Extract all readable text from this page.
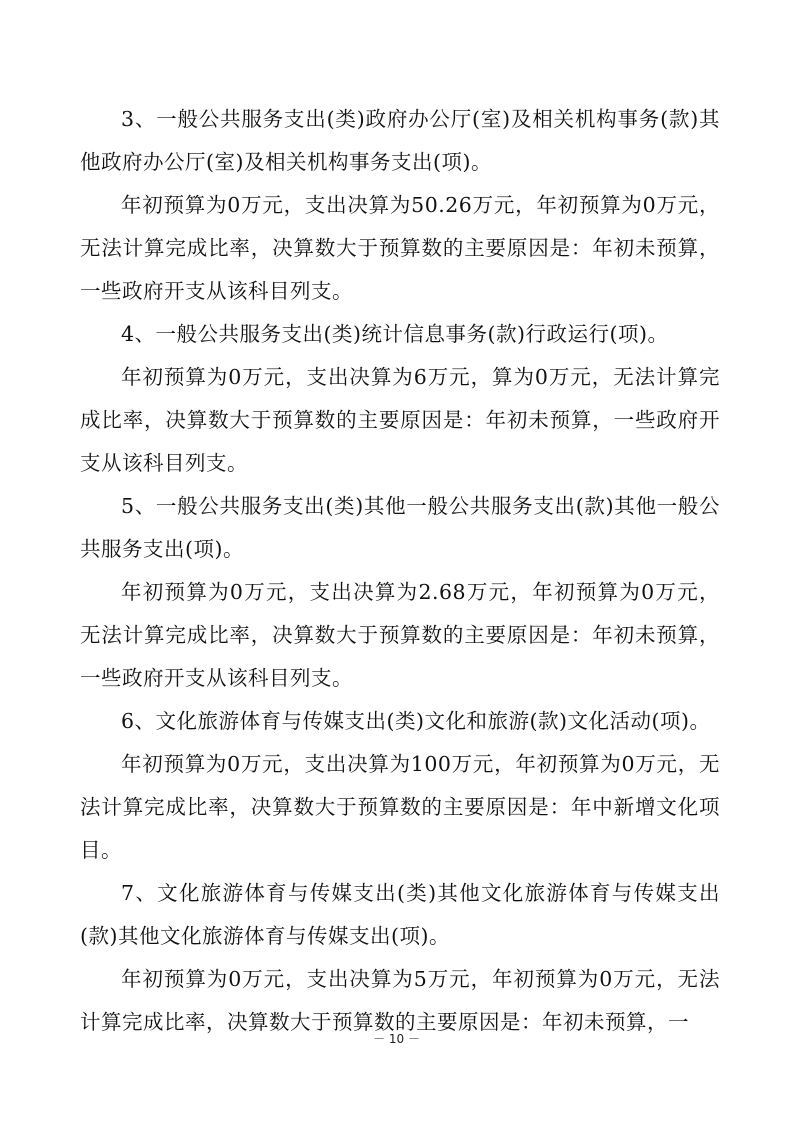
3、一般公共服务支出(类)政府办公厅(室)及相关机构事务(款)其他政府办公厅(室)及相关机构事务支出(项)。

年初预算为0万元，支出决算为50.26万元，年初预算为0万元，无法计算完成比率，决算数大于预算数的主要原因是：年初未预算，一些政府开支从该科目列支。

4、一般公共服务支出(类)统计信息事务(款)行政运行(项)。

年初预算为0万元，支出决算为6万元，算为0万元，无法计算完成比率，决算数大于预算数的主要原因是：年初未预算，一些政府开支从该科目列支。

5、一般公共服务支出(类)其他一般公共服务支出(款)其他一般公共服务支出(项)。

年初预算为0万元，支出决算为2.68万元，年初预算为0万元，无法计算完成比率，决算数大于预算数的主要原因是：年初未预算，一些政府开支从该科目列支。

6、文化旅游体育与传媒支出(类)文化和旅游(款)文化活动(项)。

年初预算为0万元，支出决算为100万元，年初预算为0万元，无法计算完成比率，决算数大于预算数的主要原因是：年中新增文化项目。

7、文化旅游体育与传媒支出(类)其他文化旅游体育与传媒支出(款)其他文化旅游体育与传媒支出(项)。

年初预算为0万元，支出决算为5万元，年初预算为0万元，无法计算完成比率，决算数大于预算数的主要原因是：年初未预算，一

－ 10 －
